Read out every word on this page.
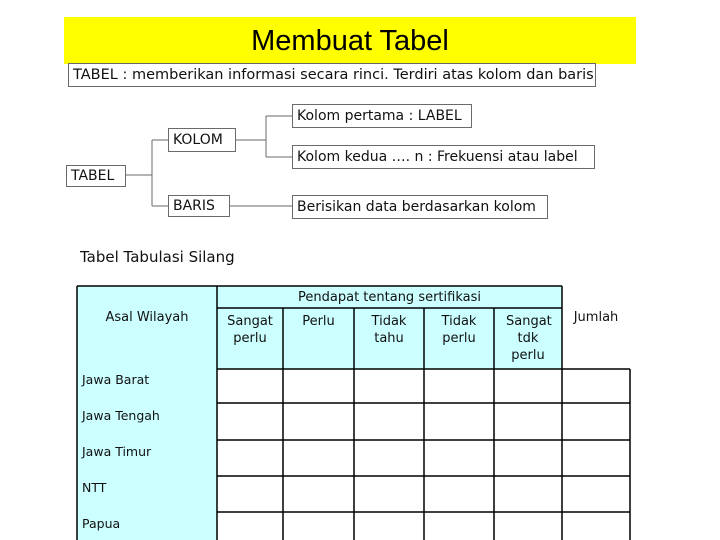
Membuat Tabel
TABEL : memberikan informasi secara rinci. Terdiri atas kolom dan baris
TABEL
KOLOM
BARIS
Kolom pertama : LABEL
Kolom kedua …. n : Frekuensi atau label
Berisikan data berdasarkan kolom
Tabel Tabulasi Silang
Asal Wilayah
Pendapat tentang sertifikasi
Sangat perlu
Perlu	Tidak tahu
Tidak perlu
Sangat tdk perlu
Jumlah
Jawa Barat
Jawa Tengah
Jawa Timur
NTT
Papua
